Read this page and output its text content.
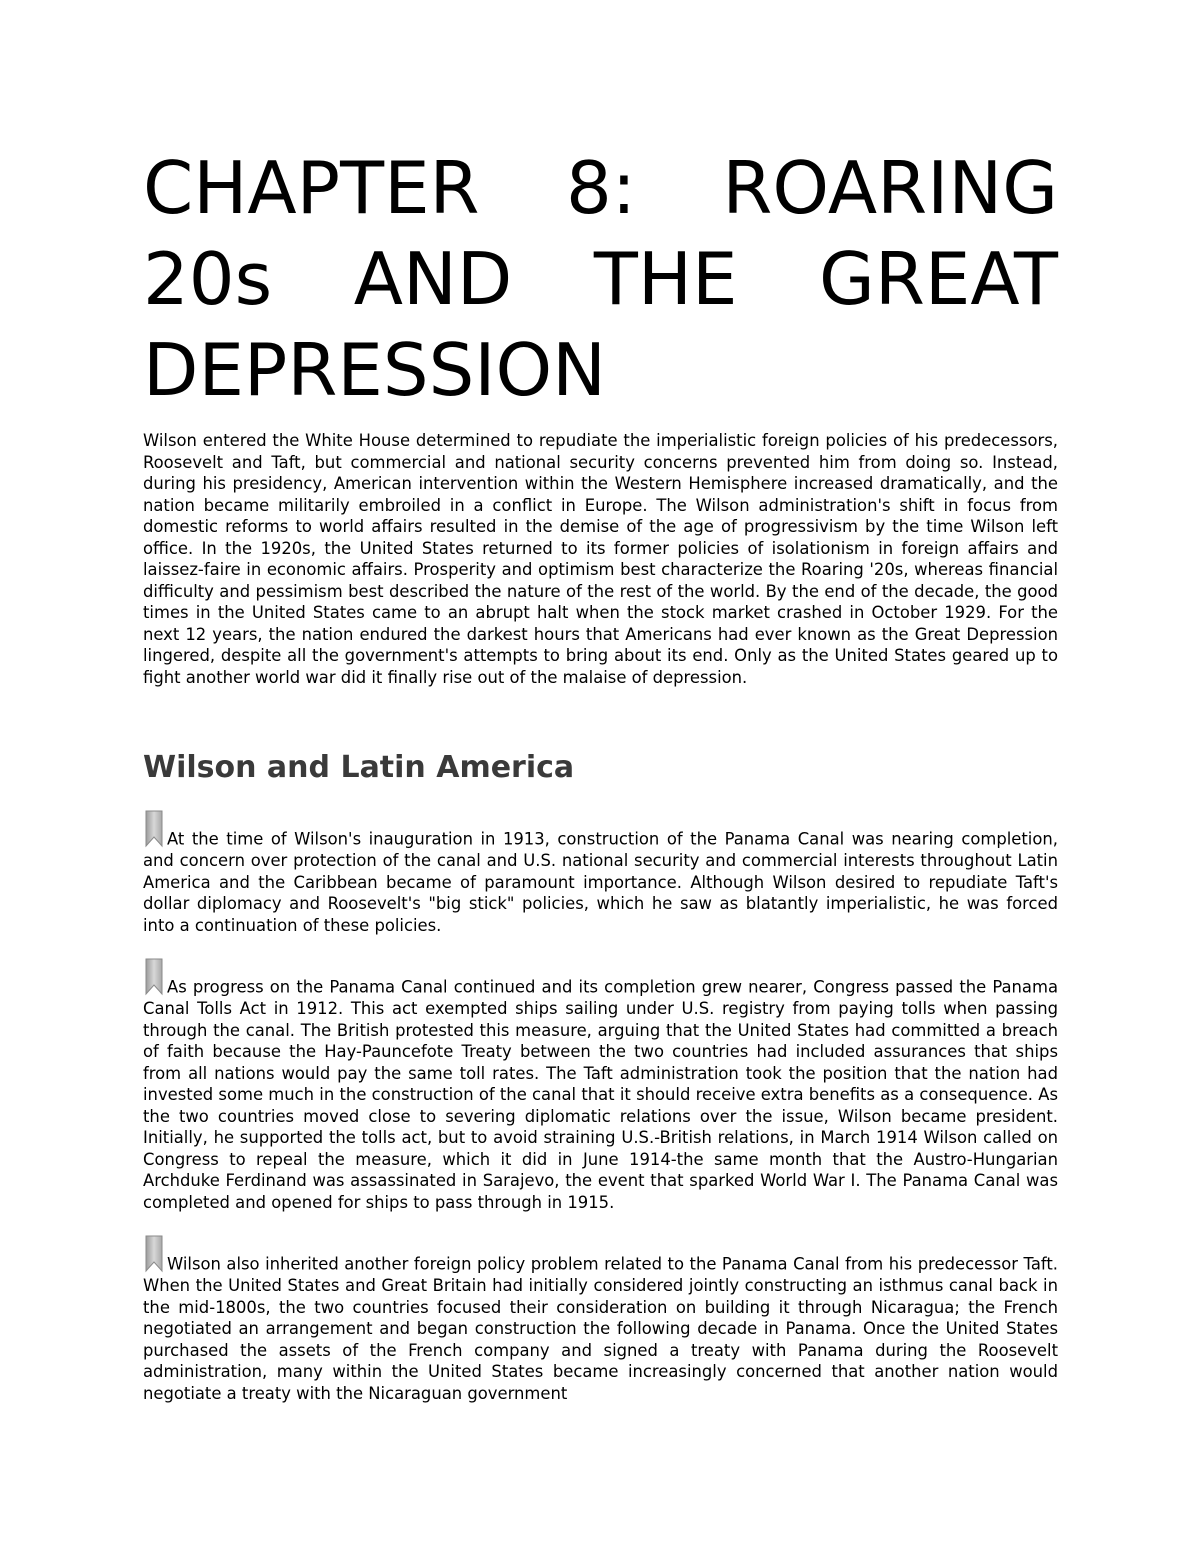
CHAPTER 8: ROARING 20s AND THE GREAT DEPRESSION

Wilson entered the White House determined to repudiate the imperialistic foreign policies of his predecessors, Roosevelt and Taft, but commercial and national security concerns prevented him from doing so. Instead, during his presidency, American intervention within the Western Hemisphere increased dramatically, and the nation became militarily embroiled in a conflict in Europe. The Wilson administration's shift in focus from domestic reforms to world affairs resulted in the demise of the age of progressivism by the time Wilson left office. In the 1920s, the United States returned to its former policies of isolationism in foreign affairs and laissez-faire in economic affairs. Prosperity and optimism best characterize the Roaring '20s, whereas financial difficulty and pessimism best described the nature of the rest of the world. By the end of the decade, the good times in the United States came to an abrupt halt when the stock market crashed in October 1929. For the next 12 years, the nation endured the darkest hours that Americans had ever known as the Great Depression lingered, despite all the government's attempts to bring about its end. Only as the United States geared up to fight another world war did it finally rise out of the malaise of depression.

Wilson and Latin America

At the time of Wilson's inauguration in 1913, construction of the Panama Canal was nearing completion, and concern over protection of the canal and U.S. national security and commercial interests throughout Latin America and the Caribbean became of paramount importance. Although Wilson desired to repudiate Taft's dollar diplomacy and Roosevelt's "big stick" policies, which he saw as blatantly imperialistic, he was forced into a continuation of these policies.

As progress on the Panama Canal continued and its completion grew nearer, Congress passed the Panama Canal Tolls Act in 1912. This act exempted ships sailing under U.S. registry from paying tolls when passing through the canal. The British protested this measure, arguing that the United States had committed a breach of faith because the Hay-Pauncefote Treaty between the two countries had included assurances that ships from all nations would pay the same toll rates. The Taft administration took the position that the nation had invested some much in the construction of the canal that it should receive extra benefits as a consequence. As the two countries moved close to severing diplomatic relations over the issue, Wilson became president. Initially, he supported the tolls act, but to avoid straining U.S.-British relations, in March 1914 Wilson called on Congress to repeal the measure, which it did in June 1914-the same month that the Austro-Hungarian Archduke Ferdinand was assassinated in Sarajevo, the event that sparked World War I. The Panama Canal was completed and opened for ships to pass through in 1915.

Wilson also inherited another foreign policy problem related to the Panama Canal from his predecessor Taft. When the United States and Great Britain had initially considered jointly constructing an isthmus canal back in the mid-1800s, the two countries focused their consideration on building it through Nicaragua; the French negotiated an arrangement and began construction the following decade in Panama. Once the United States purchased the assets of the French company and signed a treaty with Panama during the Roosevelt administration, many within the United States became increasingly concerned that another nation would negotiate a treaty with the Nicaraguan government
